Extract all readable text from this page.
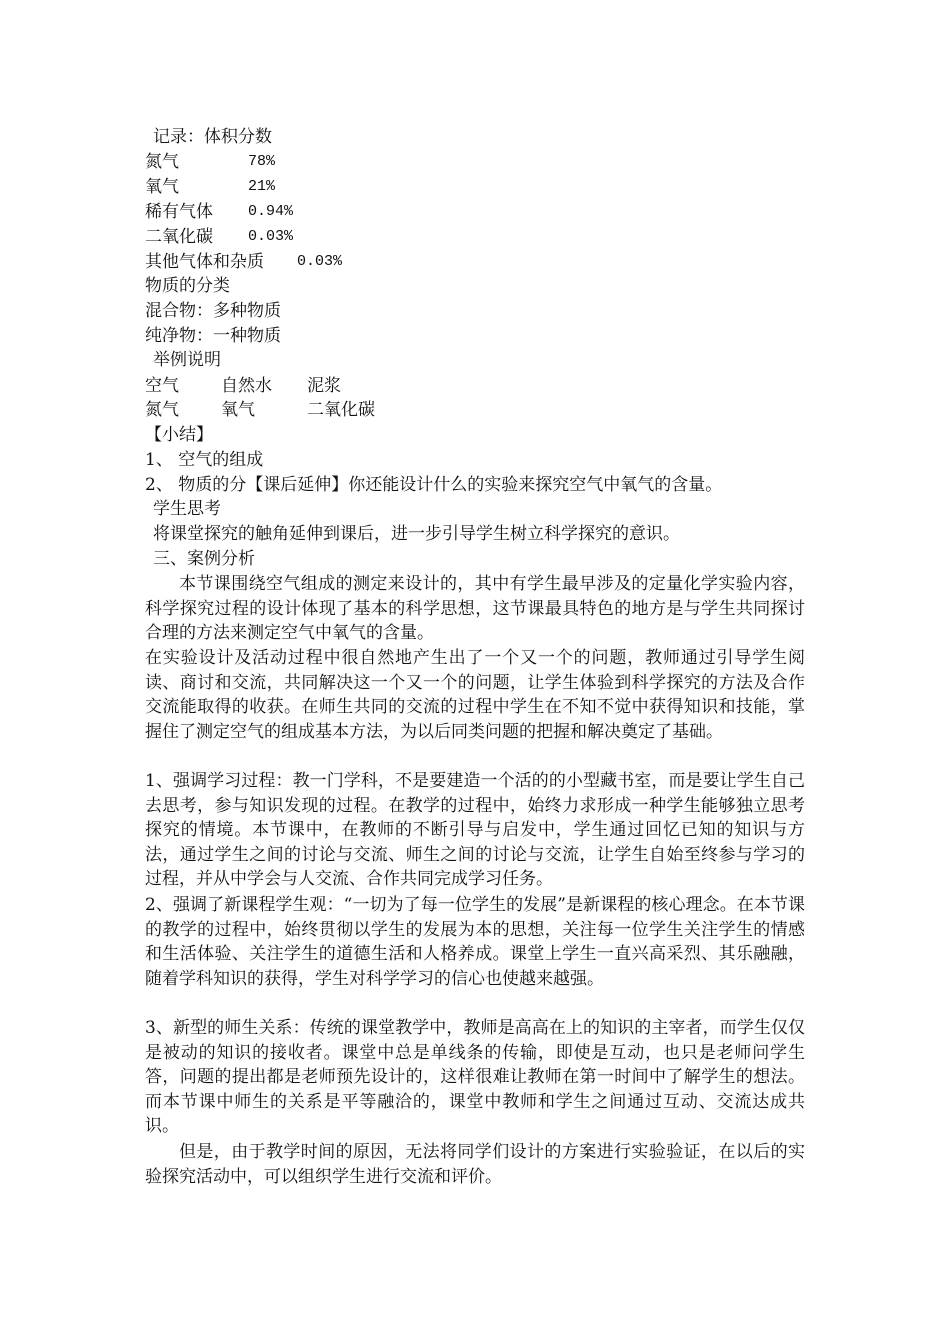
记录：体积分数
氮气	78%
氧气	21%
稀有气体 0.94%
二氧化碳 0.03%
其他气体和杂质 0.03%
物质的分类
混合物：多种物质
纯净物：一种物质
举例说明
空气 自然水 泥浆
氮气 氧气	二氧化碳
【小结】
1、 空气的组成
2、 物质的分【课后延伸】你还能设计什么的实验来探究空气中氧气的含量。
学生思考
将课堂探究的触角延伸到课后，进一步引导学生树立科学探究的意识。
三、案例分析

本节课围绕空气组成的测定来设计的，其中有学生最早涉及的定量化学实验内容，科学探究过程的设计体现了基本的科学思想，这节课最具特色的地方是与学生共同探讨合理的方法来测定空气中氧气的含量。

在实验设计及活动过程中很自然地产生出了一个又一个的问题，教师通过引导学生阅读、商讨和交流，共同解决这一个又一个的问题，让学生体验到科学探究的方法及合作交流能取得的收获。在师生共同的交流的过程中学生在不知不觉中获得知识和技能，掌握住了测定空气的组成基本方法，为以后同类问题的把握和解决奠定了基础。

1、强调学习过程：教一门学科，不是要建造一个活的的小型藏书室，而是要让学生自己去思考，参与知识发现的过程。在教学的过程中，始终力求形成一种学生能够独立思考探究的情境。本节课中，在教师的不断引导与启发中，学生通过回忆已知的知识与方法，通过学生之间的讨论与交流、师生之间的讨论与交流，让学生自始至终参与学习的过程，并从中学会与人交流、合作共同完成学习任务。

2、强调了新课程学生观：“一切为了每一位学生的发展”是新课程的核心理念。在本节课的教学的过程中，始终贯彻以学生的发展为本的思想，关注每一位学生关注学生的情感和生活体验、关注学生的道德生活和人格养成。课堂上学生一直兴高采烈、其乐融融，随着学科知识的获得，学生对科学学习的信心也使越来越强。

3、新型的师生关系：传统的课堂教学中，教师是高高在上的知识的主宰者，而学生仅仅是被动的知识的接收者。课堂中总是单线条的传输，即使是互动，也只是老师问学生答，问题的提出都是老师预先设计的，这样很难让教师在第一时间中了解学生的想法。而本节课中师生的关系是平等融洽的，课堂中教师和学生之间通过互动、交流达成共识。

但是，由于教学时间的原因，无法将同学们设计的方案进行实验验证，在以后的实验探究活动中，可以组织学生进行交流和评价。
